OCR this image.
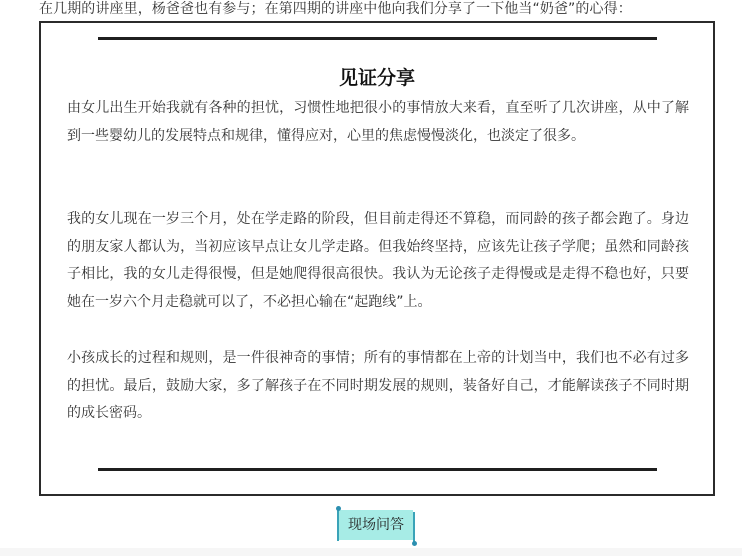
在几期的讲座里，杨爸爸也有参与；在第四期的讲座中他向我们分享了一下他当“奶爸”的心得：
见证分享

由女儿出生开始我就有各种的担忧，习惯性地把很小的事情放大来看，直至听了几次讲座，从中了解到一些婴幼儿的发展特点和规律，懂得应对，心里的焦虑慢慢淡化，也淡定了很多。

我的女儿现在一岁三个月，处在学走路的阶段，但目前走得还不算稳，而同龄的孩子都会跑了。身边的朋友家人都认为，当初应该早点让女儿学走路。但我始终坚持，应该先让孩子学爬；虽然和同龄孩子相比，我的女儿走得很慢，但是她爬得很高很快。我认为无论孩子走得慢或是走得不稳也好，只要她在一岁六个月走稳就可以了，不必担心输在“起跑线”上。

小孩成长的过程和规则，是一件很神奇的事情；所有的事情都在上帝的计划当中，我们也不必有过多的担忧。最后，鼓励大家，多了解孩子在不同时期发展的规则，装备好自己，才能解读孩子不同时期的成长密码。

现场问答
